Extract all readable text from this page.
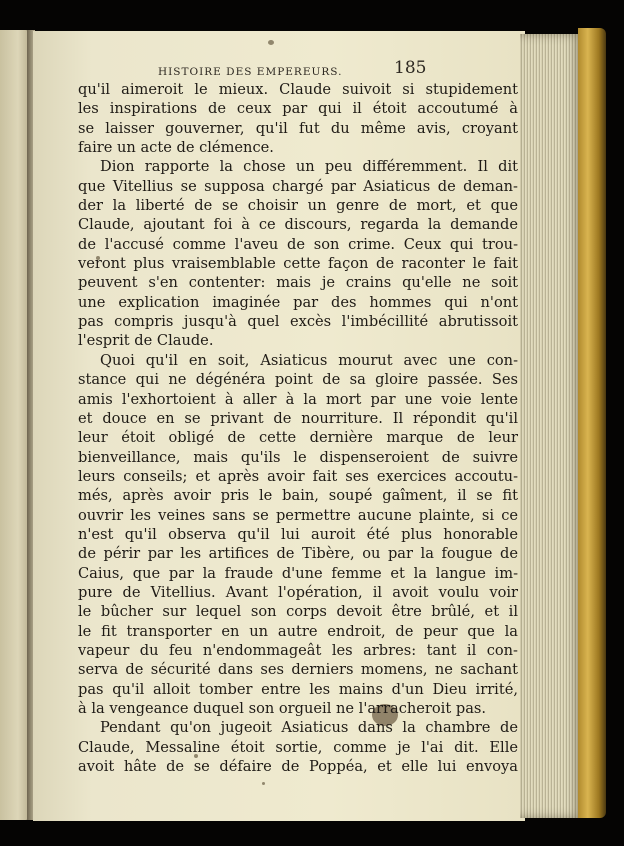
HISTOIRE DES EMPEREURS.	185
qu'il aimeroit le mieux. Claude suivoit si stupidement
les inspirations de ceux par qui il étoit accoutumé à
se laisser gouverner, qu'il fut du même avis, croyant
faire un acte de clémence.
Dion rapporte la chose un peu différemment. Il dit
que Vitellius se supposa chargé par Asiaticus de deman-
der la liberté de se choisir un genre de mort, et que
Claude, ajoutant foi à ce discours, regarda la demande
de l'accusé comme l'aveu de son crime. Ceux qui trou-
veront plus vraisemblable cette façon de raconter le fait
peuvent s'en contenter: mais je crains qu'elle ne soit
une explication imaginée par des hommes qui n'ont
pas compris jusqu'à quel excès l'imbécillité abrutissoit
l'esprit de Claude.
Quoi qu'il en soit, Asiaticus mourut avec une con-
stance qui ne dégénéra point de sa gloire passée. Ses
amis l'exhortoient à aller à la mort par une voie lente
et douce en se privant de nourriture. Il répondit qu'il
leur étoit obligé de cette dernière marque de leur
bienveillance, mais qu'ils le dispenseroient de suivre
leurs conseils; et après avoir fait ses exercices accoutu-
més, après avoir pris le bain, soupé gaîment, il se fit
ouvrir les veines sans se permettre aucune plainte, si ce
n'est qu'il observa qu'il lui auroit été plus honorable
de périr par les artifices de Tibère, ou par la fougue de
Caius, que par la fraude d'une femme et la langue im-
pure de Vitellius. Avant l'opération, il avoit voulu voir
le bûcher sur lequel son corps devoit être brûlé, et il
le fit transporter en un autre endroit, de peur que la
vapeur du feu n'endommageât les arbres: tant il con-
serva de sécurité dans ses derniers momens, ne sachant
pas qu'il alloit tomber entre les mains d'un Dieu irrité,
à la vengeance duquel son orgueil ne l'arracheroit pas.
Pendant qu'on jugeoit Asiaticus dans la chambre de
Claude, Messaline étoit sortie, comme je l'ai dit. Elle
avoit hâte de se défaire de Poppéa, et elle lui envoya
